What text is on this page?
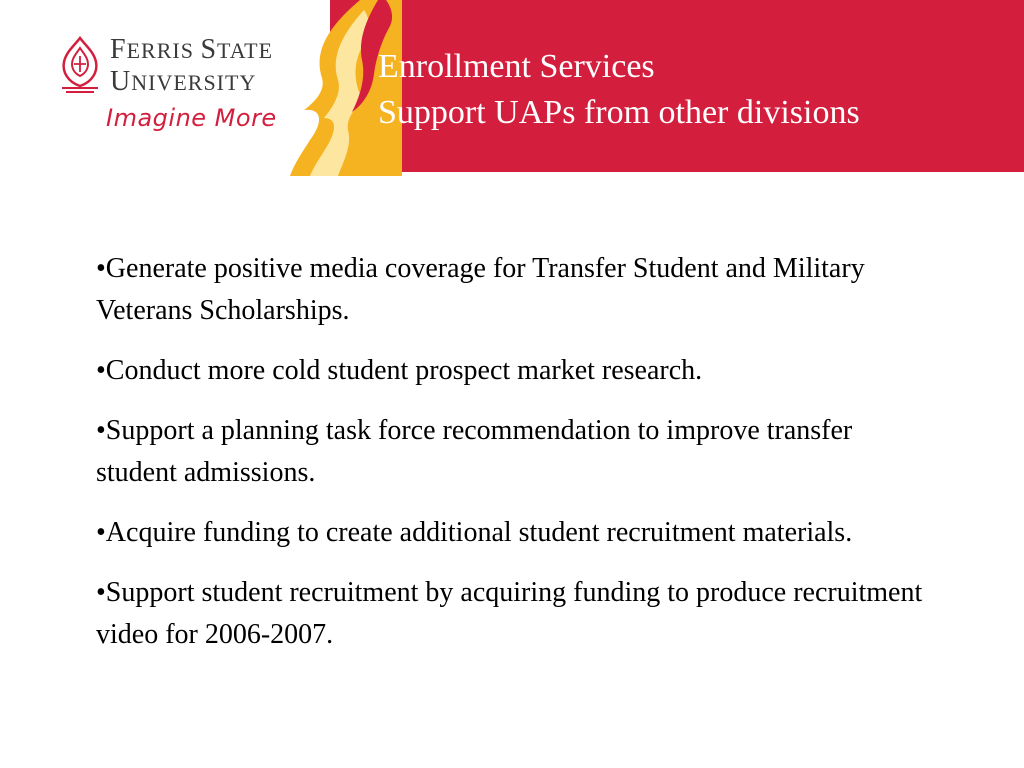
Enrollment Services
Support UAPs from other divisions
FERRIS STATE
UNIVERSITY
Imagine More
•Generate positive media coverage for Transfer Student and Military Veterans Scholarships.
•Conduct more cold student prospect market research.
•Support a planning task force recommendation to improve transfer student admissions.
•Acquire funding to create additional student recruitment materials.
•Support student recruitment by acquiring funding to produce recruitment video for 2006-2007.
